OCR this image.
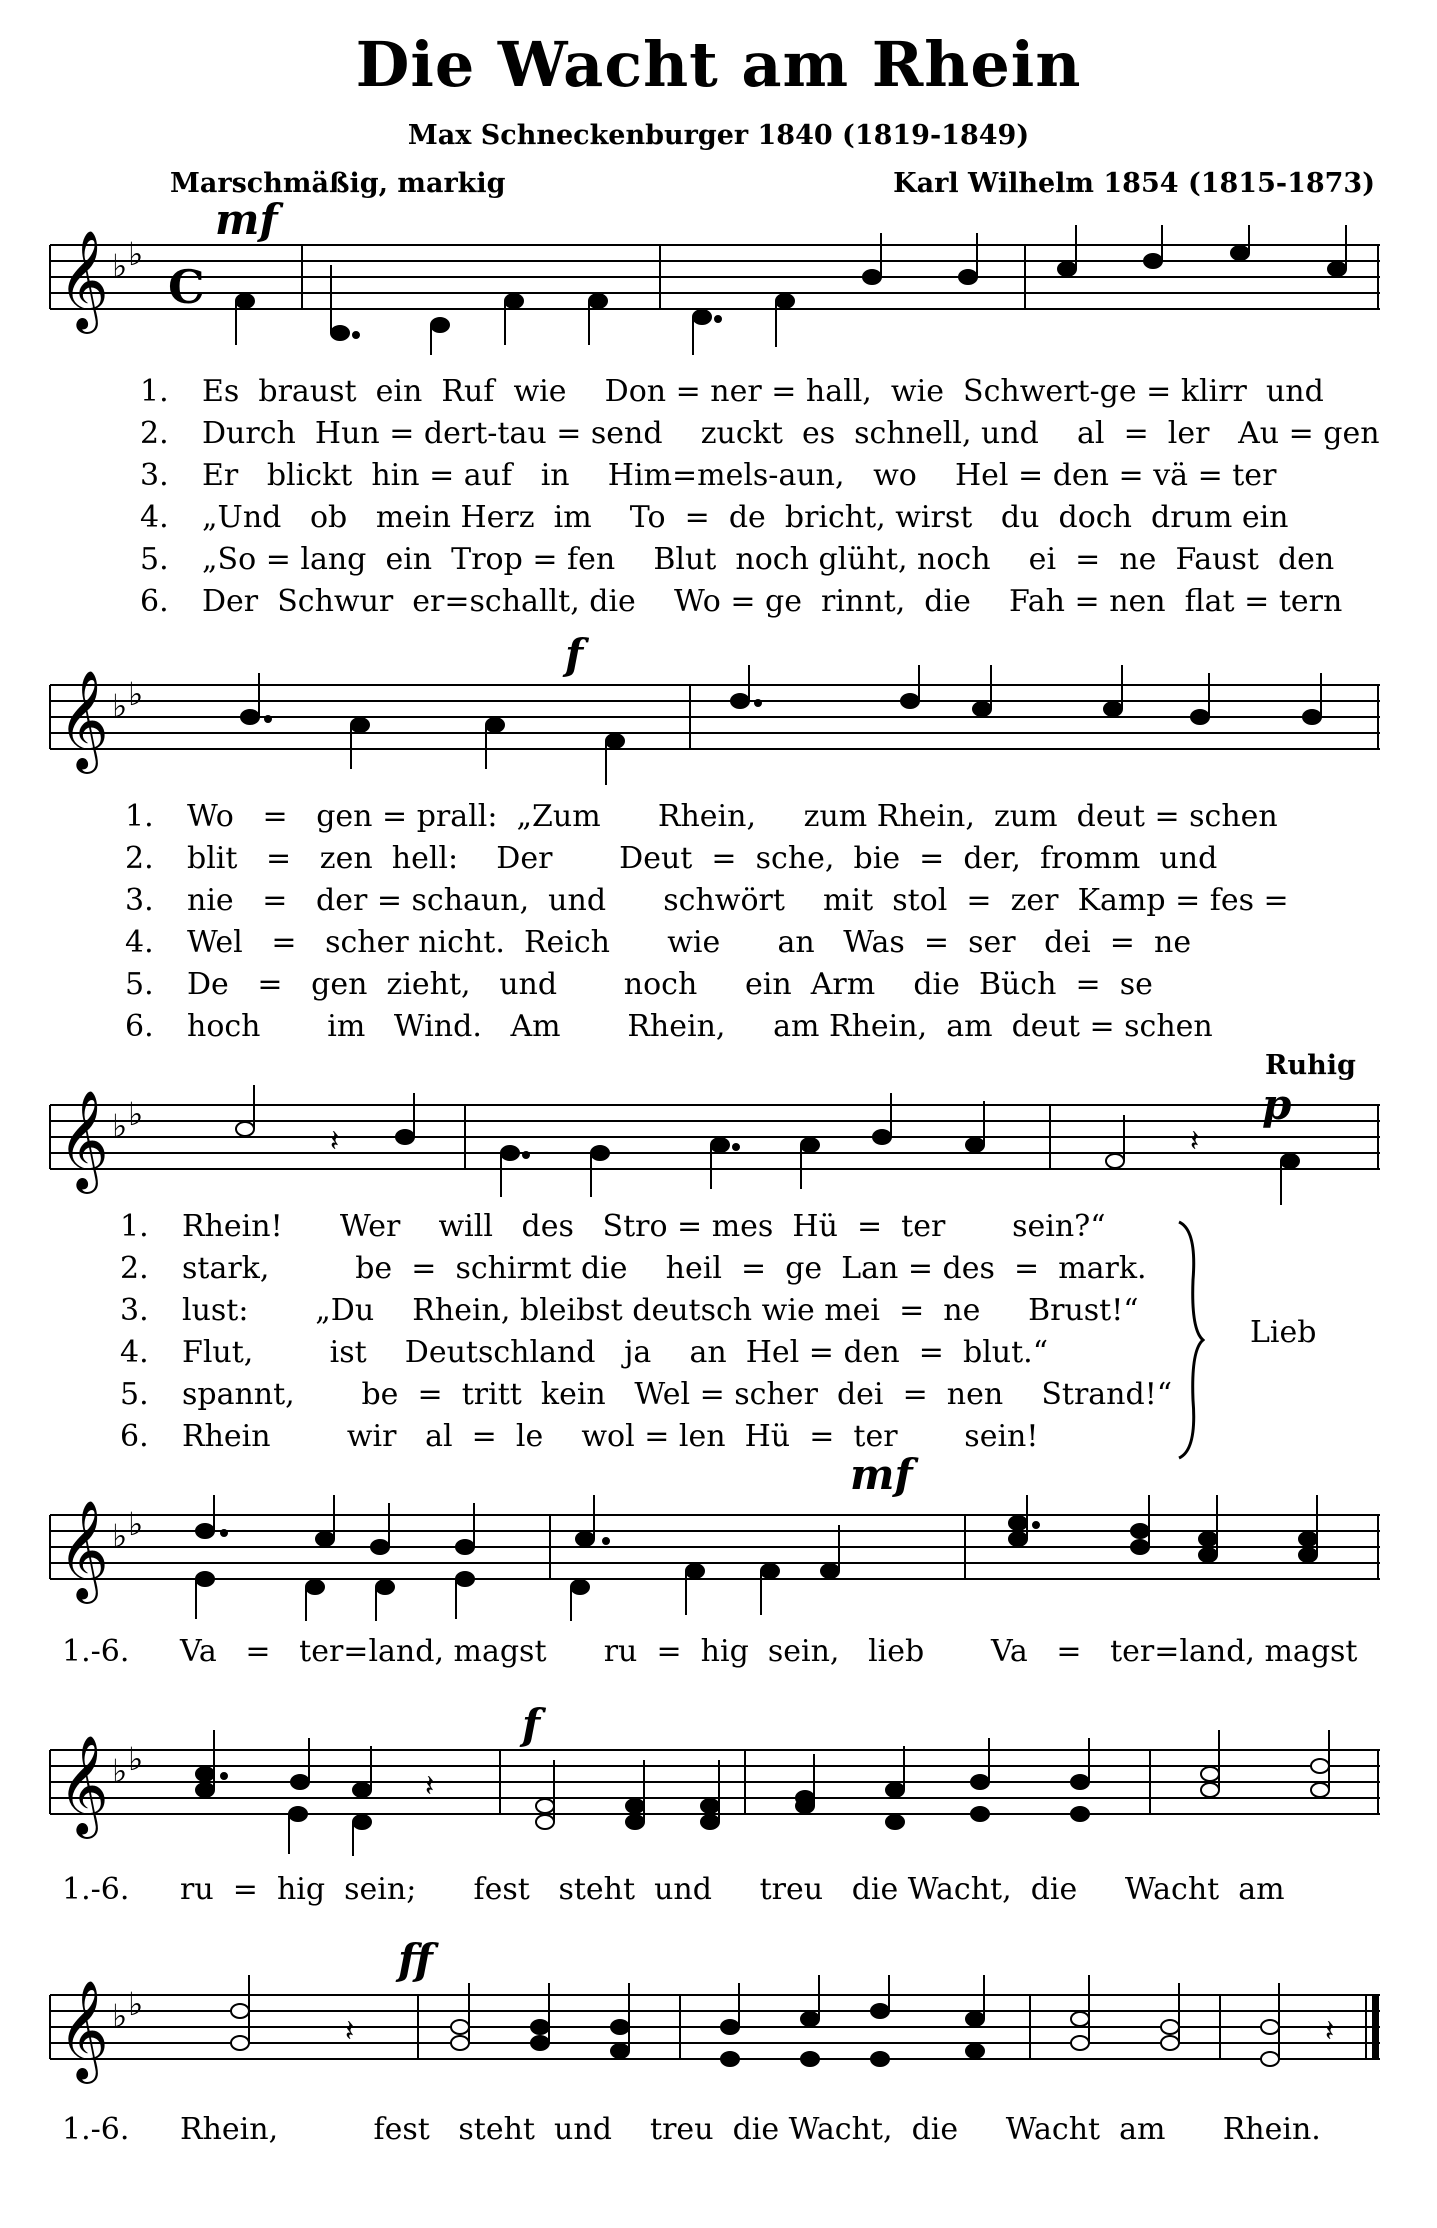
Die Wacht am Rhein
Max Schneckenburger 1840 (1819-1849)
Marschmäßig, markig	Karl Wilhelm 1854 (1815-1873)
mf
f
Ruhig
p
mf
f
ff
𝄞 ♭ ♭
C
1.	Es  braust  ein  Ruf  wie    Don = ner = hall,  wie  Schwert-ge = klirr  und
2.	Durch  Hun = dert-tau = send    zuckt  es  schnell, und    al  =  ler   Au = gen
3.	Er   blickt  hin = auf   in    Him=mels-aun,   wo    Hel = den = vä = ter
4.	„Und   ob   mein Herz  im    To  =  de  bricht, wirst   du  doch  drum ein
5.	„So = lang  ein  Trop = fen    Blut  noch glüht, noch    ei  =  ne  Faust  den
6.	Der  Schwur  er=schallt, die    Wo = ge  rinnt,  die    Fah = nen  flat = tern
𝄞 ♭ ♭
1.	Wo   =   gen = prall:  „Zum      Rhein,     zum Rhein,  zum  deut = schen
2.	blit   =   zen  hell:    Der       Deut  =  sche,  bie  =  der,  fromm  und
3.	nie   =   der = schaun,  und      schwört    mit  stol  =  zer  Kamp = fes =
4.	Wel   =   scher nicht.  Reich      wie      an   Was  =  ser   dei  =  ne
5.	De   =   gen  zieht,   und       noch     ein  Arm    die  Büch  =  se
6.	hoch       im   Wind.   Am       Rhein,     am Rhein,  am  deut = schen
𝄞 ♭ ♭
𝄽	𝄽
1.	Rhein!      Wer    will   des   Stro = mes  Hü  =  ter       sein?“
2.	stark,         be  =  schirmt die    heil  =  ge  Lan = des  =  mark.
3.	lust:       „Du    Rhein, bleibst deutsch wie mei  =  ne     Brust!“
4.	Flut,        ist    Deutschland   ja    an  Hel = den  =  blut.“
5.	spannt,       be  =  tritt  kein   Wel = scher  dei  =  nen    Strand!“
6.	Rhein        wir   al  =  le    wol = len  Hü  =  ter       sein!
Lieb
𝄞 ♭ ♭
1.-6.	Va   =   ter=land, magst      ru  =  hig  sein,   lieb       Va   =   ter=land, magst
𝄞 ♭ ♭
𝄽
1.-6.	ru  =  hig  sein;      fest   steht  und     treu   die Wacht,  die     Wacht  am
𝄞 ♭ ♭
𝄽	𝄽
1.-6.	Rhein,          fest   steht  und    treu  die Wacht,  die     Wacht  am      Rhein.
